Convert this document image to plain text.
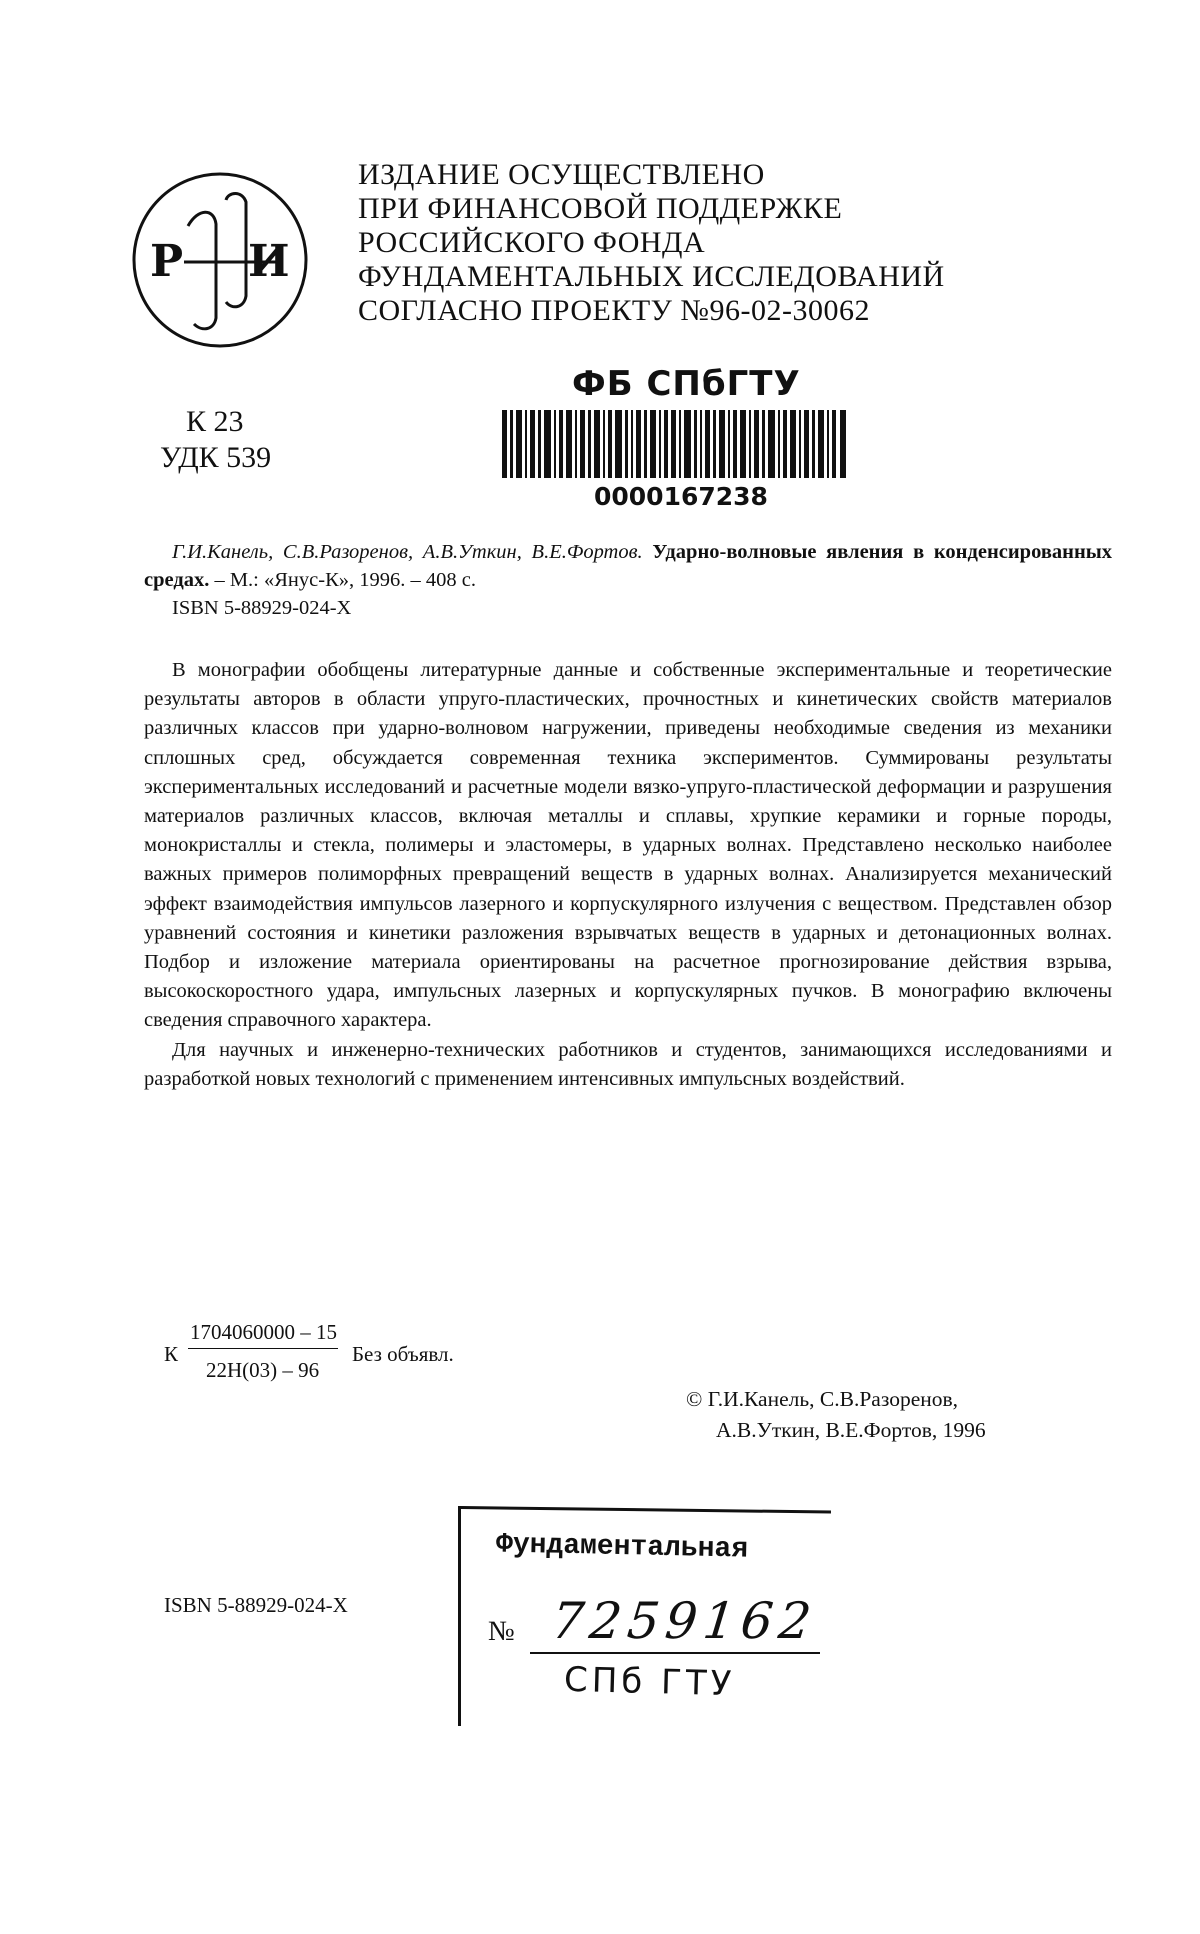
Р И
ИЗДАНИЕ ОСУЩЕСТВЛЕНО
ПРИ ФИНАНСОВОЙ ПОДДЕРЖКЕ
РОССИЙСКОГО ФОНДА
ФУНДАМЕНТАЛЬНЫХ ИССЛЕДОВАНИЙ
СОГЛАСНО ПРОЕКТУ №96-02-30062
К 23
УДК 539
ФБ СПбГТУ
0000167238

Г.И.Канель, С.В.Разоренов, А.В.Уткин, В.Е.Фортов. Ударно-волновые явления в конденсированных средах. – М.: «Янус-К», 1996. – 408 с.

ISBN 5-88929-024-X

В монографии обобщены литературные данные и собственные экспериментальные и теоретические результаты авторов в области упруго-пластических, прочностных и кинетических свойств материалов различных классов при ударно-волновом нагружении, приведены необходимые сведения из механики сплошных сред, обсуждается современная техника экспериментов. Суммированы результаты экспериментальных исследований и расчетные модели вязко-упруго-пластической деформации и разрушения материалов различных классов, включая металлы и сплавы, хрупкие керамики и горные породы, монокристаллы и стекла, полимеры и эластомеры, в ударных волнах. Представлено несколько наиболее важных примеров полиморфных превращений веществ в ударных волнах. Анализируется механический эффект взаимодействия импульсов лазерного и корпускулярного излучения с веществом. Представлен обзор уравнений состояния и кинетики разложения взрывчатых веществ в ударных и детонационных волнах. Подбор и изложение материала ориентированы на расчетное прогнозирование действия взрыва, высокоскоростного удара, импульсных лазерных и корпускулярных пучков. В монографию включены сведения справочного характера.

Для научных и инженерно-технических работников и студентов, занимающихся исследованиями и разработкой новых технологий с применением интенсивных импульсных воздействий.

К
1704060000 – 15
22Н(03) – 96
Без объявл.
© Г.И.Канель, С.В.Разоренов,
А.В.Уткин, В.Е.Фортов, 1996
ISBN 5-88929-024-X
Фундаментальная
№ 7259162
СПб ГТУ
